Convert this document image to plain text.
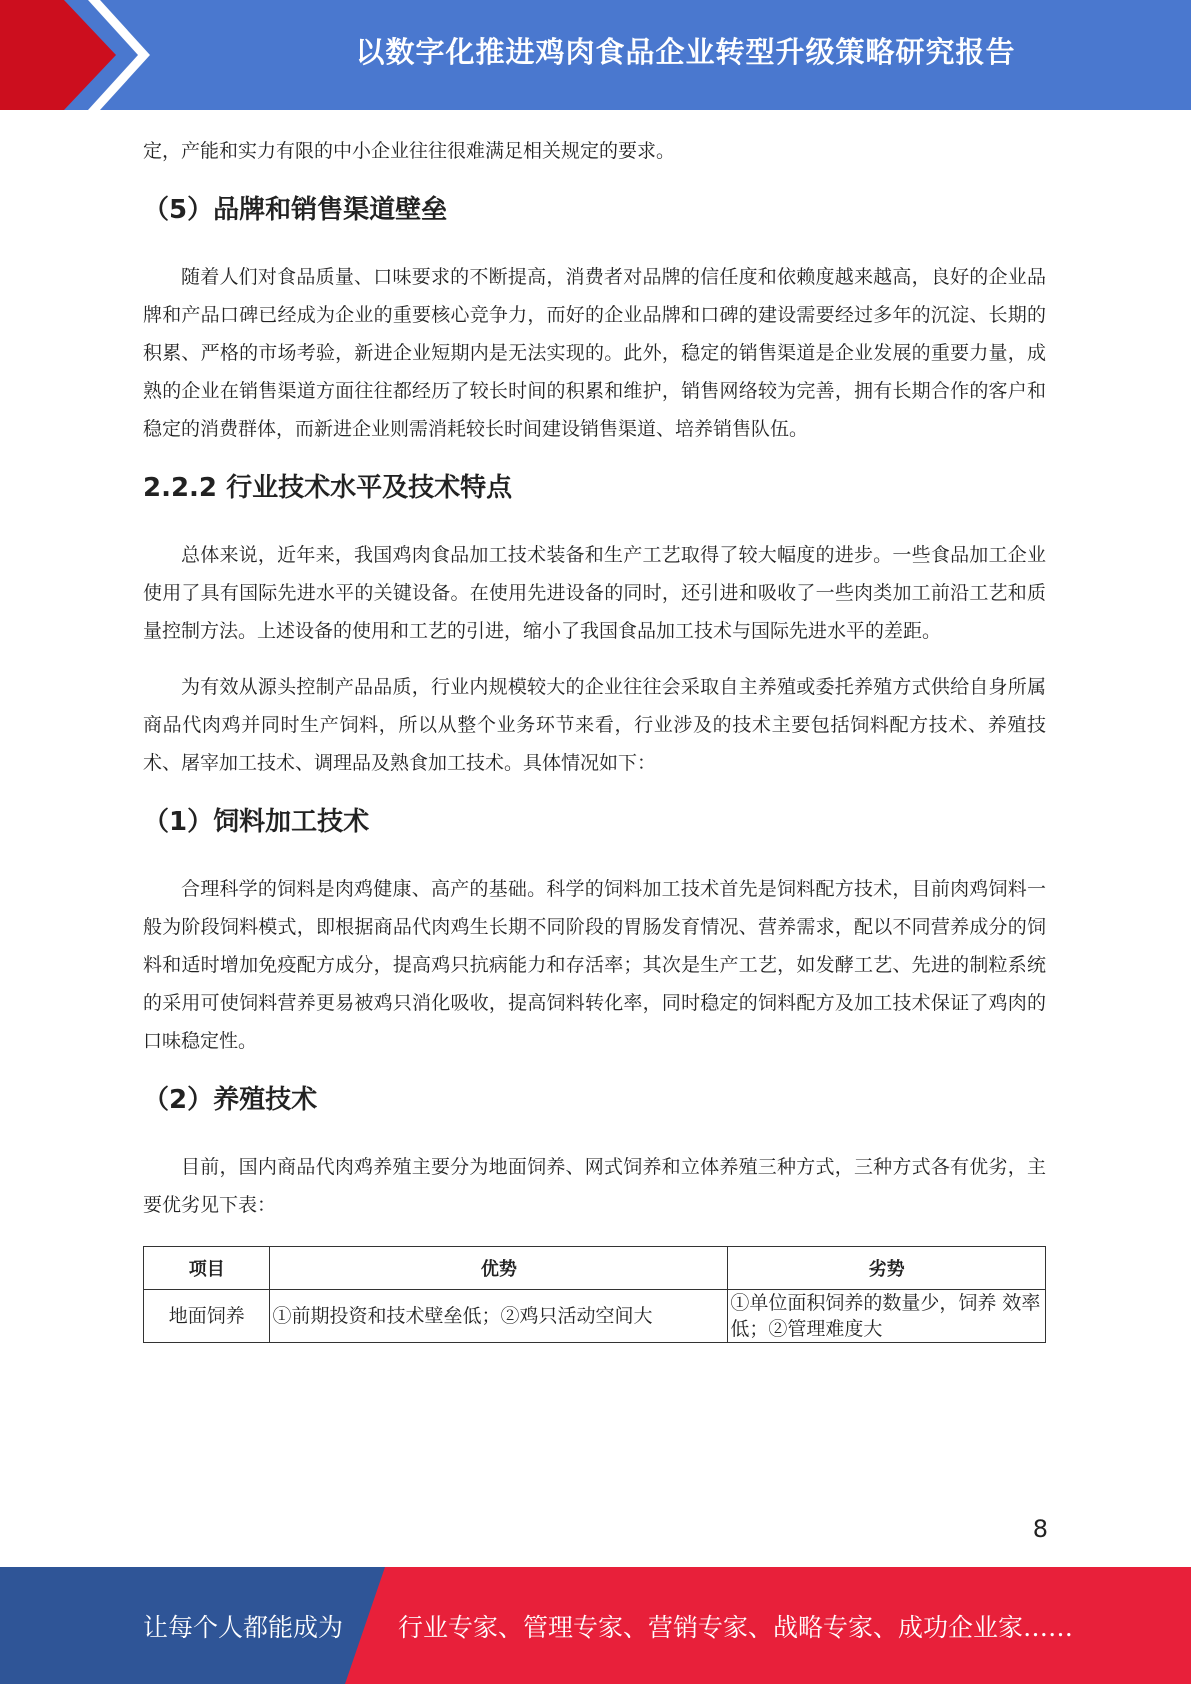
以数字化推进鸡肉食品企业转型升级策略研究报告

定，产能和实力有限的中小企业往往很难满足相关规定的要求。

（5）品牌和销售渠道壁垒

随着人们对食品质量、口味要求的不断提高，消费者对品牌的信任度和依赖度越来越高，良好的企业品牌和产品口碑已经成为企业的重要核心竞争力，而好的企业品牌和口碑的建设需要经过多年的沉淀、长期的积累、严格的市场考验，新进企业短期内是无法实现的。此外，稳定的销售渠道是企业发展的重要力量，成熟的企业在销售渠道方面往往都经历了较长时间的积累和维护，销售网络较为完善，拥有长期合作的客户和稳定的消费群体，而新进企业则需消耗较长时间建设销售渠道、培养销售队伍。

2.2.2 行业技术水平及技术特点

总体来说，近年来，我国鸡肉食品加工技术装备和生产工艺取得了较大幅度的进步。一些食品加工企业使用了具有国际先进水平的关键设备。在使用先进设备的同时，还引进和吸收了一些肉类加工前沿工艺和质量控制方法。上述设备的使用和工艺的引进，缩小了我国食品加工技术与国际先进水平的差距。

为有效从源头控制产品品质，行业内规模较大的企业往往会采取自主养殖或委托养殖方式供给自身所属商品代肉鸡并同时生产饲料，所以从整个业务环节来看，行业涉及的技术主要包括饲料配方技术、养殖技术、屠宰加工技术、调理品及熟食加工技术。具体情况如下：

（1）饲料加工技术

合理科学的饲料是肉鸡健康、高产的基础。科学的饲料加工技术首先是饲料配方技术，目前肉鸡饲料一般为阶段饲料模式，即根据商品代肉鸡生长期不同阶段的胃肠发育情况、营养需求，配以不同营养成分的饲料和适时增加免疫配方成分，提高鸡只抗病能力和存活率；其次是生产工艺，如发酵工艺、先进的制粒系统的采用可使饲料营养更易被鸡只消化吸收，提高饲料转化率，同时稳定的饲料配方及加工技术保证了鸡肉的口味稳定性。

（2）养殖技术

目前，国内商品代肉鸡养殖主要分为地面饲养、网式饲养和立体养殖三种方式，三种方式各有优劣，主要优劣见下表：

项目	优势	劣势
地面饲养	①前期投资和技术壁垒低；②鸡只活动空间大	①单位面积饲养的数量少，饲养 效率低；②管理难度大
8
让每个人都能成为 行业专家、管理专家、营销专家、战略专家、成功企业家……
